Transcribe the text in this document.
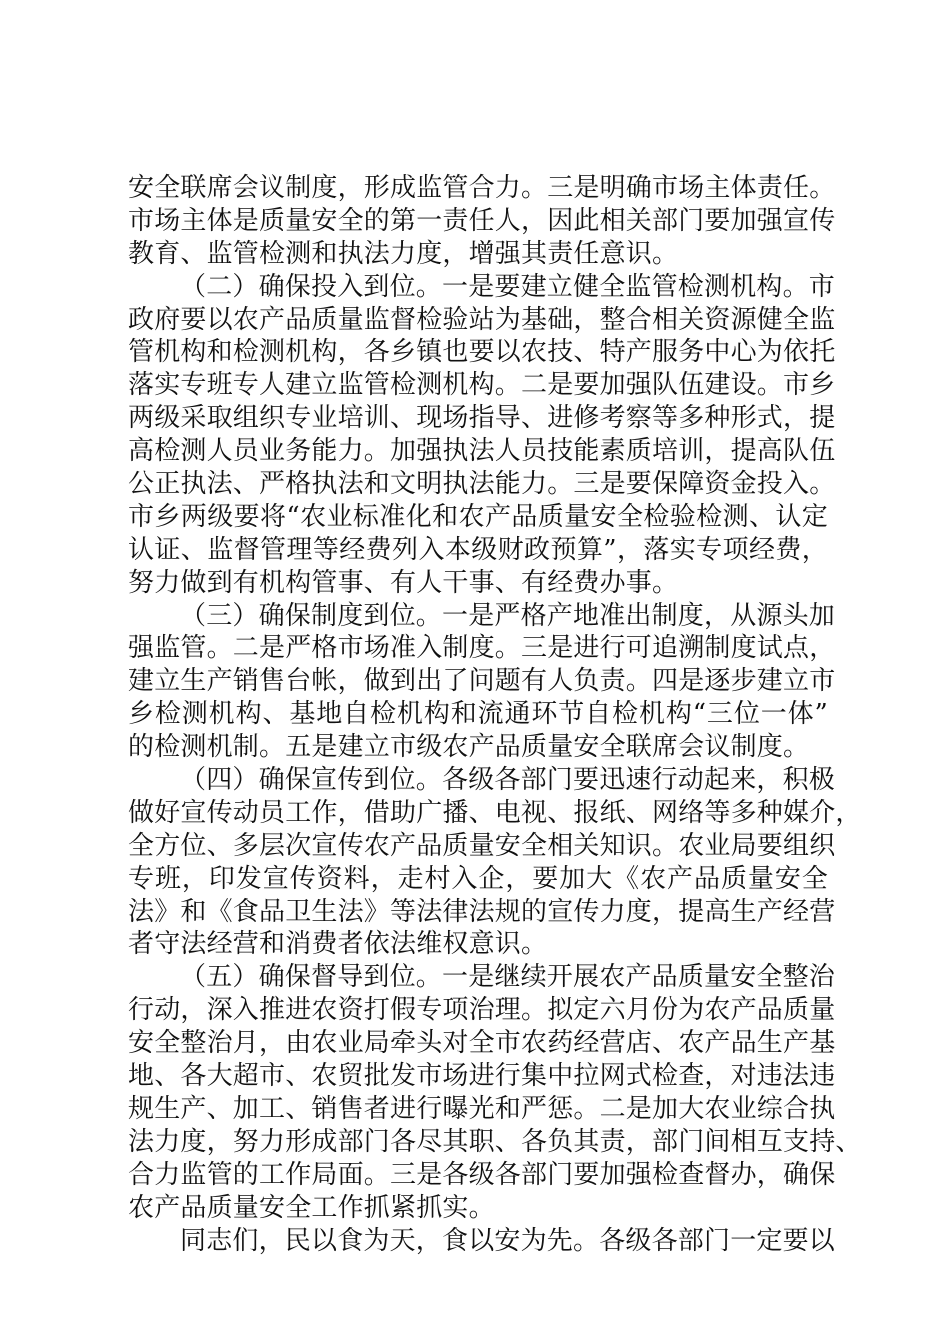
安全联席会议制度，形成监管合力。三是明确市场主体责任。
市场主体是质量安全的第一责任人，因此相关部门要加强宣传
教育、监管检测和执法力度，增强其责任意识。
（二）确保投入到位。一是要建立健全监管检测机构。市
政府要以农产品质量监督检验站为基础，整合相关资源健全监
管机构和检测机构，各乡镇也要以农技、特产服务中心为依托
落实专班专人建立监管检测机构。二是要加强队伍建设。市乡
两级采取组织专业培训、现场指导、进修考察等多种形式，提
高检测人员业务能力。加强执法人员技能素质培训，提高队伍
公正执法、严格执法和文明执法能力。三是要保障资金投入。
市乡两级要将“农业标准化和农产品质量安全检验检测、认定
认证、监督管理等经费列入本级财政预算”，落实专项经费，
努力做到有机构管事、有人干事、有经费办事。
（三）确保制度到位。一是严格产地准出制度，从源头加
强监管。二是严格市场准入制度。三是进行可追溯制度试点，
建立生产销售台帐，做到出了问题有人负责。四是逐步建立市
乡检测机构、基地自检机构和流通环节自检机构“三位一体”
的检测机制。五是建立市级农产品质量安全联席会议制度。
（四）确保宣传到位。各级各部门要迅速行动起来，积极
做好宣传动员工作，借助广播、电视、报纸、网络等多种媒介，
全方位、多层次宣传农产品质量安全相关知识。农业局要组织
专班，印发宣传资料，走村入企，要加大《农产品质量安全
法》和《食品卫生法》等法律法规的宣传力度，提高生产经营
者守法经营和消费者依法维权意识。
（五）确保督导到位。一是继续开展农产品质量安全整治
行动，深入推进农资打假专项治理。拟定六月份为农产品质量
安全整治月，由农业局牵头对全市农药经营店、农产品生产基
地、各大超市、农贸批发市场进行集中拉网式检查，对违法违
规生产、加工、销售者进行曝光和严惩。二是加大农业综合执
法力度，努力形成部门各尽其职、各负其责，部门间相互支持、
合力监管的工作局面。三是各级各部门要加强检查督办，确保
农产品质量安全工作抓紧抓实。
同志们，民以食为天，食以安为先。各级各部门一定要以
